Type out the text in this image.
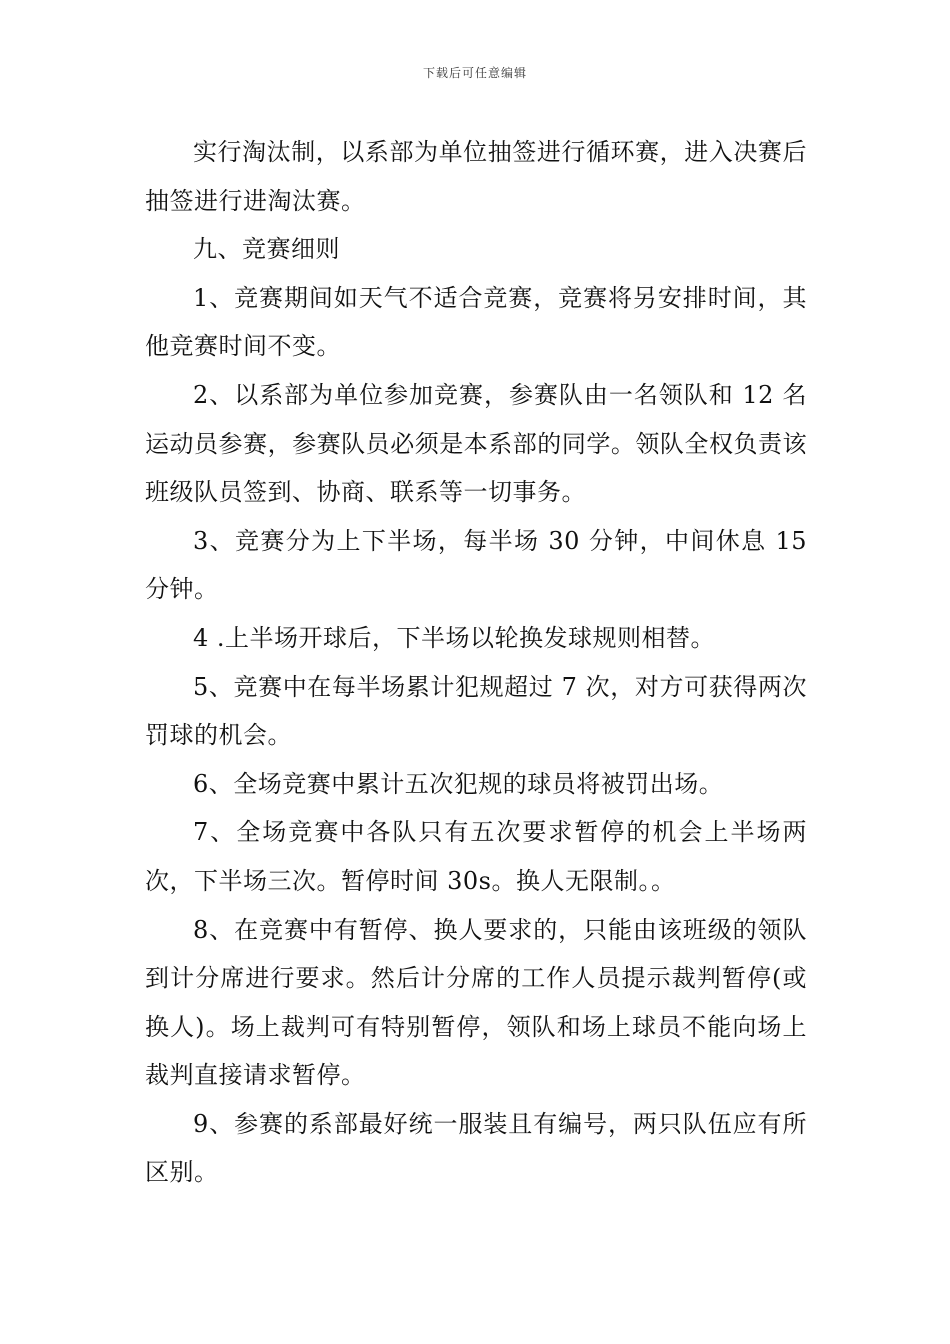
下载后可任意编辑

实行淘汰制，以系部为单位抽签进行循环赛，进入决赛后抽签进行进淘汰赛。

九、竞赛细则

1、竞赛期间如天气不适合竞赛，竞赛将另安排时间，其他竞赛时间不变。

2、以系部为单位参加竞赛，参赛队由一名领队和 12 名运动员参赛，参赛队员必须是本系部的同学。领队全权负责该班级队员签到、协商、联系等一切事务。

3、竞赛分为上下半场，每半场 30 分钟，中间休息 15 分钟。

4 .上半场开球后，下半场以轮换发球规则相替。

5、竞赛中在每半场累计犯规超过 7 次，对方可获得两次罚球的机会。

6、全场竞赛中累计五次犯规的球员将被罚出场。

7、全场竞赛中各队只有五次要求暂停的机会上半场两次，下半场三次。暂停时间 30s。换人无限制。。

8、在竞赛中有暂停、换人要求的，只能由该班级的领队到计分席进行要求。然后计分席的工作人员提示裁判暂停(或换人)。场上裁判可有特别暂停，领队和场上球员不能向场上裁判直接请求暂停。

9、参赛的系部最好统一服装且有编号，两只队伍应有所区别。
